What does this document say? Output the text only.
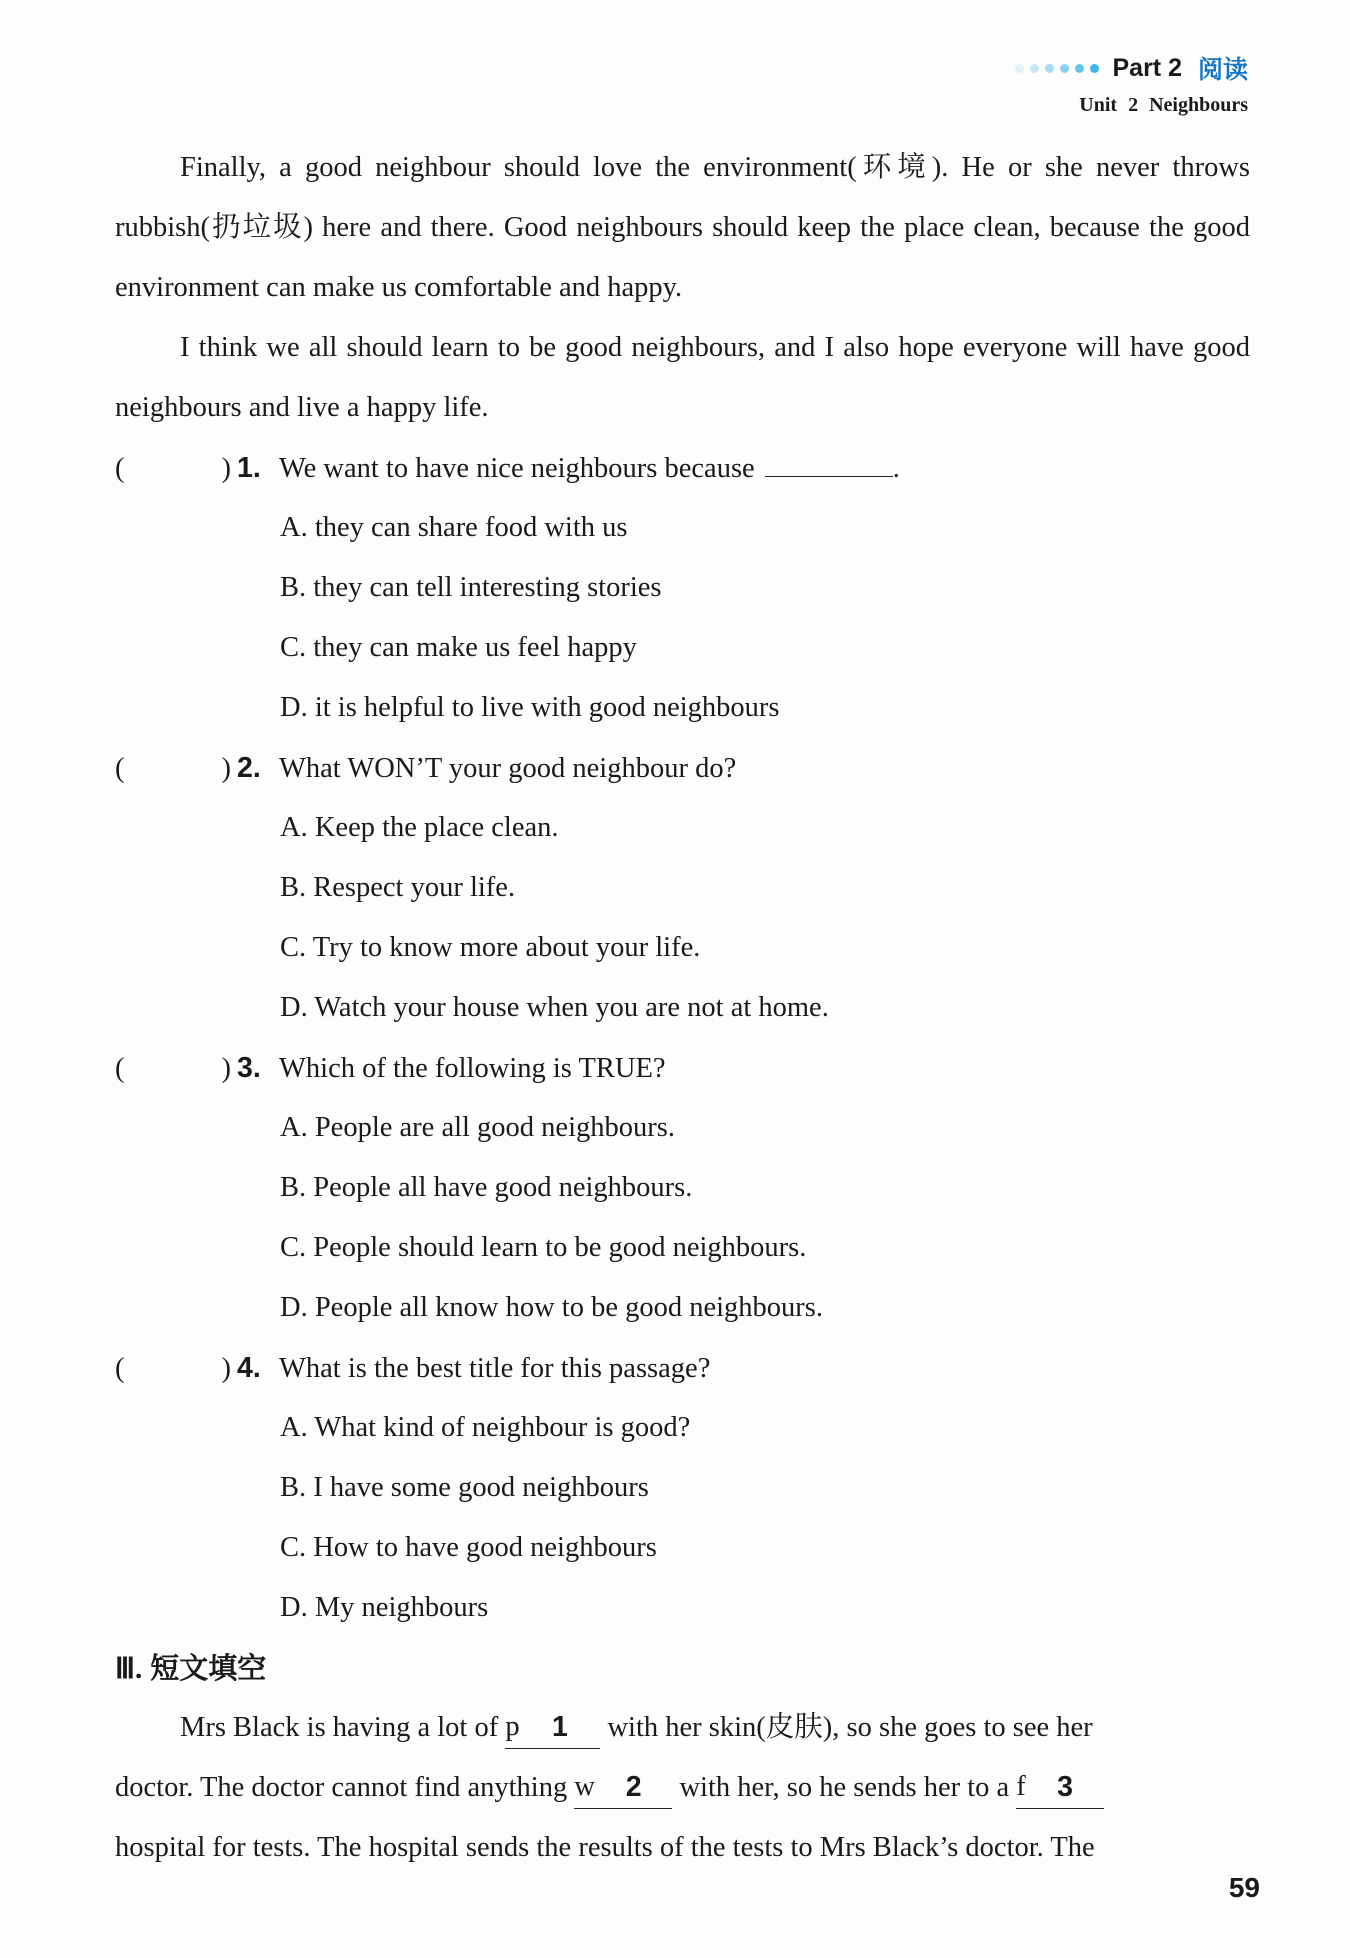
Part 2 阅读
Unit 2 Neighbours

Finally, a good neighbour should love the environment(环境). He or she never throws rubbish(扔垃圾) here and there. Good neighbours should keep the place clean, because the good environment can make us comfortable and happy.

I think we all should learn to be good neighbours, and I also hope everyone will have good neighbours and live a happy life.

(	) 1. We want to have nice neighbours because	.
A. they can share food with us
B. they can tell interesting stories
C. they can make us feel happy
D. it is helpful to live with good neighbours
(	) 2. What WON’T your good neighbour do?
A. Keep the place clean.
B. Respect your life.
C. Try to know more about your life.
D. Watch your house when you are not at home.
(	) 3. Which of the following is TRUE?
A. People are all good neighbours.
B. People all have good neighbours.
C. People should learn to be good neighbours.
D. People all know how to be good neighbours.
(	) 4. What is the best title for this passage?
A. What kind of neighbour is good?
B. I have some good neighbours
C. How to have good neighbours
D. My neighbours
Ⅲ. 短文填空
Mrs Black is having a lot of
p 1
	with her skin(皮肤), so she goes to see her
doctor. The doctor cannot find anything
w 2
	with her, so he sends her to a
f 3
hospital for tests. The hospital sends the results of the tests to Mrs Black’s doctor. The
59
